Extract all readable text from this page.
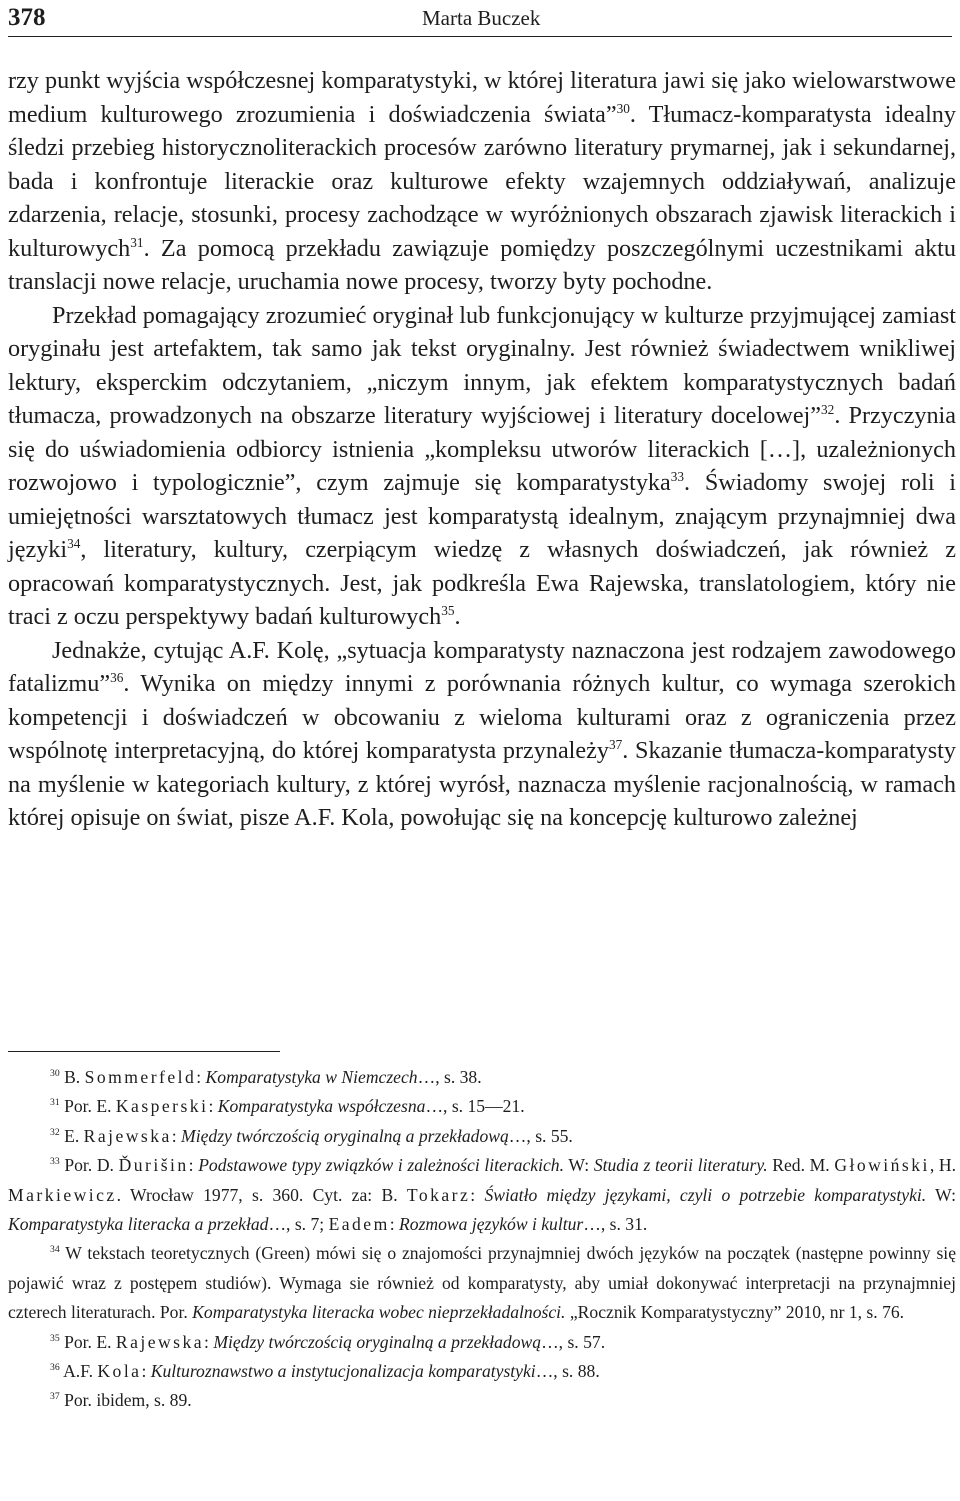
378	Marta Buczek

rzy punkt wyjścia współczesnej komparatystyki, w której literatura jawi się jako wielowarstwowe medium kulturowego zrozumienia i doświadczenia świata”$^{30}$. Tłumacz-komparatysta idealny śledzi przebieg historycznoliterackich procesów zarówno literatury prymarnej, jak i sekundarnej, bada i konfrontuje literackie oraz kulturowe efekty wzajemnych oddziaływań, analizuje zdarzenia, relacje, stosunki, procesy zachodzące w wyróżnionych obszarach zjawisk literackich i kulturowych$^{31}$. Za pomocą przekładu zawiązuje pomiędzy poszczególnymi uczestnikami aktu translacji nowe relacje, uruchamia nowe procesy, tworzy byty pochodne.

Przekład pomagający zrozumieć oryginał lub funkcjonujący w kulturze przyjmującej zamiast oryginału jest artefaktem, tak samo jak tekst oryginalny. Jest również świadectwem wnikliwej lektury, eksperckim odczytaniem, „niczym innym, jak efektem komparatystycznych badań tłumacza, prowadzonych na obszarze literatury wyjściowej i literatury docelowej”$^{32}$. Przyczynia się do uświadomienia odbiorcy istnienia „kompleksu utworów literackich […], uzależnionych rozwojowo i typologicznie”, czym zajmuje się komparatystyka$^{33}$. Świadomy swojej roli i umiejętności warsztatowych tłumacz jest komparatystą idealnym, znającym przynajmniej dwa języki$^{34}$, literatury, kultury, czerpiącym wiedzę z własnych doświadczeń, jak również z opracowań komparatystycznych. Jest, jak podkreśla Ewa Rajewska, translatologiem, który nie traci z oczu perspektywy badań kulturowych$^{35}$.

Jednakże, cytując A.F. Kolę, „sytuacja komparatysty naznaczona jest rodzajem zawodowego fatalizmu”$^{36}$. Wynika on między innymi z porównania różnych kultur, co wymaga szerokich kompetencji i doświadczeń w obcowaniu z wieloma kulturami oraz z ograniczenia przez wspólnotę interpretacyjną, do której komparatysta przynależy$^{37}$. Skazanie tłumacza-komparatysty na myślenie w kategoriach kultury, z której wyrósł, naznacza myślenie racjonalnością, w ramach której opisuje on świat, pisze A.F. Kola, powołując się na koncepcję kulturowo zależnej

$^{30}$ B. Sommerfeld: Komparatystyka w Niemczech…, s. 38.

$^{31}$ Por. E. Kasperski: Komparatystyka współczesna…, s. 15—21.

$^{32}$ E. Rajewska: Między twórczością oryginalną a przekładową…, s. 55.

$^{33}$ Por. D. Ďurišin: Podstawowe typy związków i zależności literackich. W: Studia z teorii literatury. Red. M. Głowiński, H. Markiewicz. Wrocław 1977, s. 360. Cyt. za: B. Tokarz: Światło między językami, czyli o potrzebie komparatystyki. W: Komparatystyka literacka a przekład…, s. 7; Eadem: Rozmowa języków i kultur…, s. 31.

$^{34}$ W tekstach teoretycznych (Green) mówi się o znajomości przynajmniej dwóch języków na początek (następne powinny się pojawić wraz z postępem studiów). Wymaga sie również od komparatysty, aby umiał dokonywać interpretacji na przynajmniej czterech literaturach. Por. Komparatystyka literacka wobec nieprzekładalności. „Rocznik Komparatystyczny” 2010, nr 1, s. 76.

$^{35}$ Por. E. Rajewska: Między twórczością oryginalną a przekładową…, s. 57.

$^{36}$ A.F. Kola: Kulturoznawstwo a instytucjonalizacja komparatystyki…, s. 88.

$^{37}$ Por. ibidem, s. 89.
